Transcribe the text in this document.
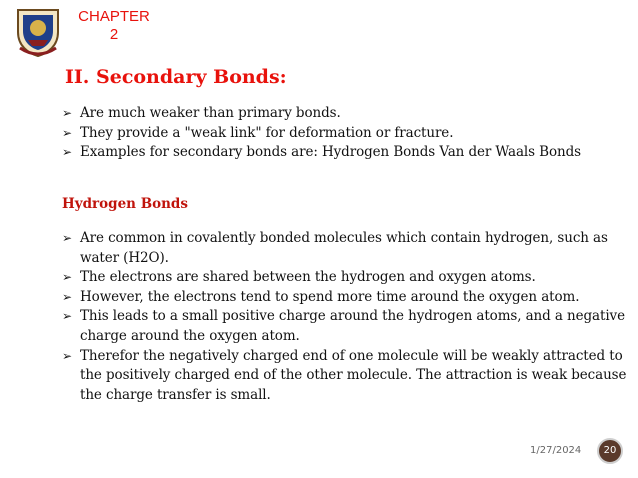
CHAPTER
2
II. Secondary Bonds:
➢ Are much weaker than primary bonds.
➢ They provide a "weak link" for deformation or fracture.
➢ Examples for secondary bonds are: Hydrogen Bonds Van der Waals Bonds
Hydrogen Bonds
➢ Are common in covalently bonded molecules which contain hydrogen, such as water (H2O).
➢ The electrons are shared between the hydrogen and oxygen atoms.
➢ However, the electrons tend to spend more time around the oxygen atom.
➢ This leads to a small positive charge around the hydrogen atoms, and a negative charge around the oxygen atom.
➢ Therefor the negatively charged end of one molecule will be weakly attracted to the positively charged end of the other molecule. The attraction is weak because the charge transfer is small.
1/27/2024	20
